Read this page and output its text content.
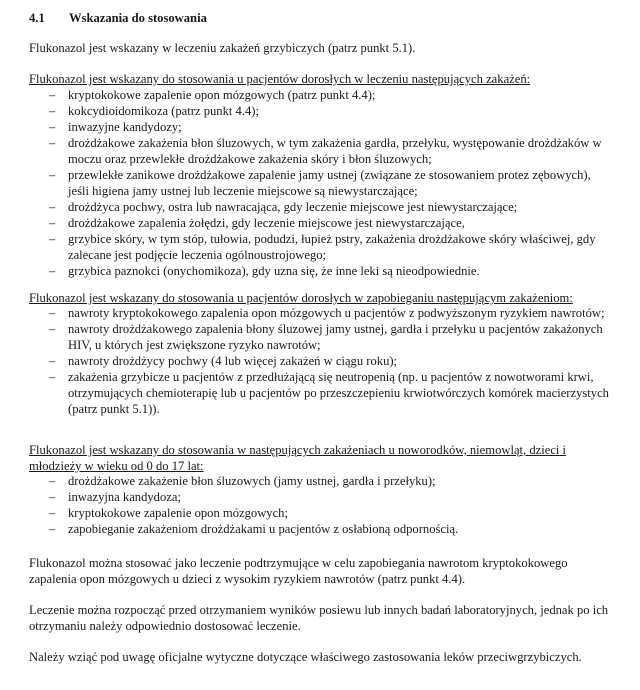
4.1 Wskazania do stosowania
Flukonazol jest wskazany w leczeniu zakażeń grzybiczych (patrz punkt 5.1).
Flukonazol jest wskazany do stosowania u pacjentów dorosłych w leczeniu następujących zakażeń:
– kryptokokowe zapalenie opon mózgowych (patrz punkt 4.4);
– kokcydioidomikoza (patrz punkt 4.4);
– inwazyjne kandydozy;
– drożdżakowe zakażenia błon śluzowych, w tym zakażenia gardła, przełyku, występowanie drożdżaków w moczu oraz przewlekłe drożdżakowe zakażenia skóry i błon śluzowych;
– przewlekłe zanikowe drożdżakowe zapalenie jamy ustnej (związane ze stosowaniem protez zębowych), jeśli higiena jamy ustnej lub leczenie miejscowe są niewystarczające;
– drożdżyca pochwy, ostra lub nawracająca, gdy leczenie miejscowe jest niewystarczające;
– drożdżakowe zapalenia żołędzi, gdy leczenie miejscowe jest niewystarczające,
– grzybice skóry, w tym stóp, tułowia, podudzi, łupież pstry, zakażenia drożdżakowe skóry właściwej, gdy zalecane jest podjęcie leczenia ogólnoustrojowego;
– grzybica paznokci (onychomikoza), gdy uzna się, że inne leki są nieodpowiednie.
Flukonazol jest wskazany do stosowania u pacjentów dorosłych w zapobieganiu następującym zakażeniom:
– nawroty kryptokokowego zapalenia opon mózgowych u pacjentów z podwyższonym ryzykiem nawrotów;
– nawroty drożdżakowego zapalenia błony śluzowej jamy ustnej, gardła i przełyku u pacjentów zakażonych HIV, u których jest zwiększone ryzyko nawrotów;
– nawroty drożdżycy pochwy (4 lub więcej zakażeń w ciągu roku);
– zakażenia grzybicze u pacjentów z przedłużającą się neutropenią (np. u pacjentów z nowotworami krwi, otrzymujących chemioterapię lub u pacjentów po przeszczepieniu krwiotwórczych komórek macierzystych (patrz punkt 5.1)).
Flukonazol jest wskazany do stosowania w następujących zakażeniach u noworodków, niemowląt, dzieci i młodzieży w wieku od 0 do 17 lat:
– drożdżakowe zakażenie błon śluzowych (jamy ustnej, gardła i przełyku);
– inwazyjna kandydoza;
– kryptokokowe zapalenie opon mózgowych;
– zapobieganie zakażeniom drożdżakami u pacjentów z osłabioną odpornością.
Flukonazol można stosować jako leczenie podtrzymujące w celu zapobiegania nawrotom kryptokokowego zapalenia opon mózgowych u dzieci z wysokim ryzykiem nawrotów (patrz punkt 4.4).
Leczenie można rozpocząć przed otrzymaniem wyników posiewu lub innych badań laboratoryjnych, jednak po ich otrzymaniu należy odpowiednio dostosować leczenie.
Należy wziąć pod uwagę oficjalne wytyczne dotyczące właściwego zastosowania leków przeciwgrzybiczych.
